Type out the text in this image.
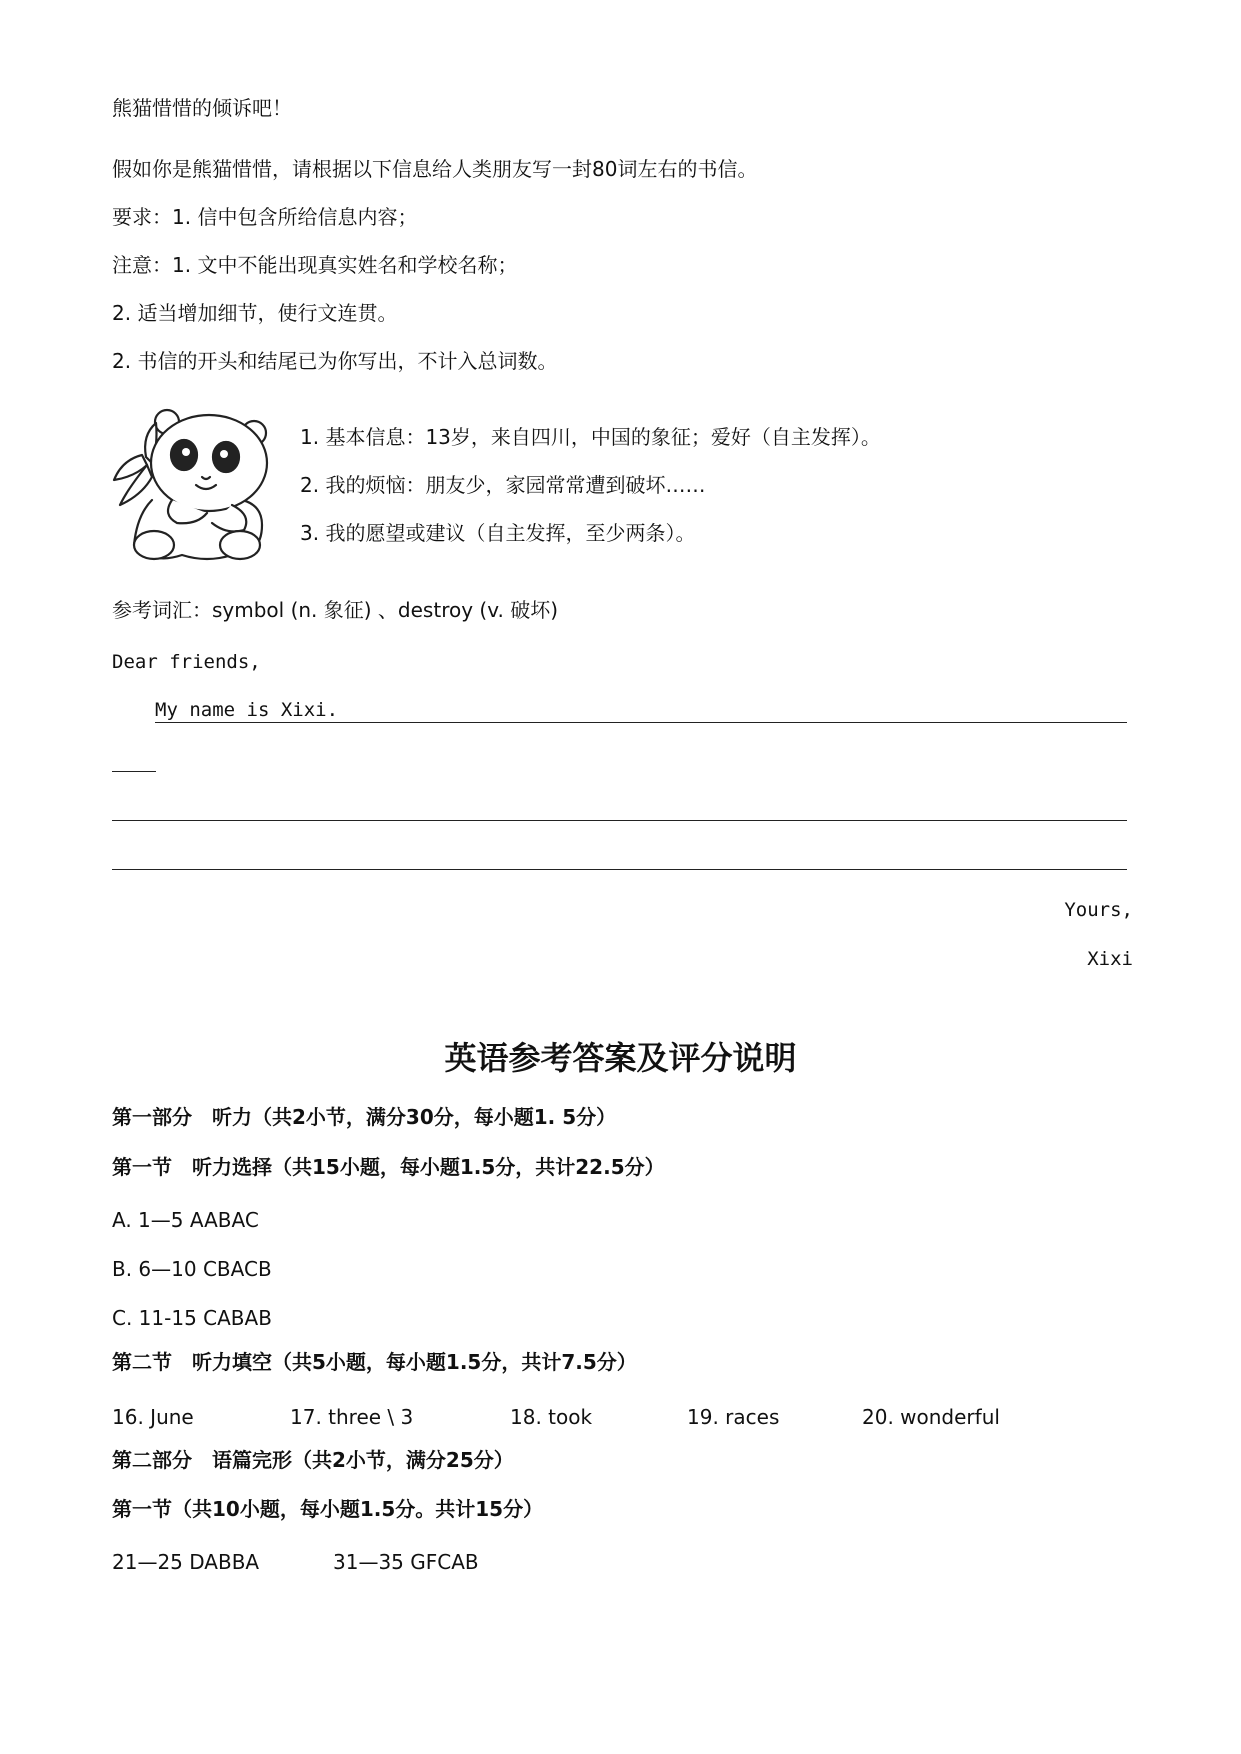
熊猫惜惜的倾诉吧！
假如你是熊猫惜惜，请根据以下信息给人类朋友写一封80词左右的书信。
要求：1. 信中包含所给信息内容；
注意：1. 文中不能出现真实姓名和学校名称；
2. 适当增加细节，使行文连贯。
2. 书信的开头和结尾已为你写出，不计入总词数。
1. 基本信息：13岁，来自四川，中国的象征；爱好（自主发挥）。
2. 我的烦恼：朋友少，家园常常遭到破坏……
3. 我的愿望或建议（自主发挥，至少两条）。
参考词汇：symbol (n. 象征) 、destroy (v. 破坏)
Dear friends,
My name is Xixi.
Yours,
Xixi
英语参考答案及评分说明
第一部分　听力（共2小节，满分30分，每小题1. 5分）
第一节　听力选择（共15小题，每小题1.5分，共计22.5分）
A. 1—5 AABAC
B. 6—10 CBACB
C. 11-15 CABAB
第二节　听力填空（共5小题，每小题1.5分，共计7.5分）
16. June	17. three \ 3	18. took	19. races	20. wonderful
第二部分　语篇完形（共2小节，满分25分）
第一节（共10小题，每小题1.5分。共计15分）
21—25 DABBA	31—35 GFCAB
